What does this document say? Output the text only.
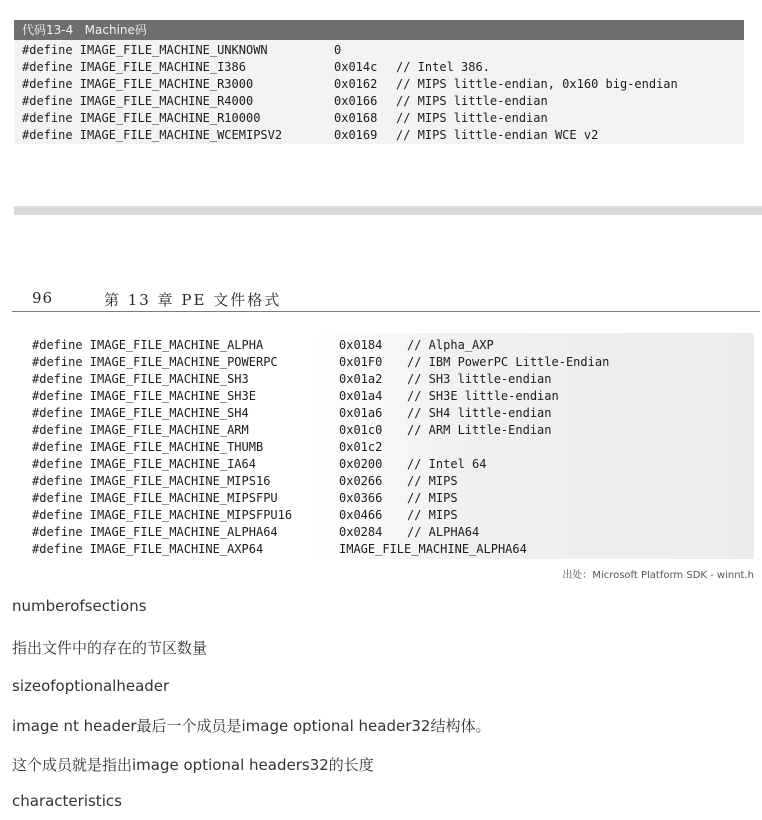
代码13-4   Machine码
#define IMAGE_FILE_MACHINE_UNKNOWN	0
#define IMAGE_FILE_MACHINE_I386	0x014c	// Intel 386.
#define IMAGE_FILE_MACHINE_R3000	0x0162	// MIPS little-endian, 0x160 big-endian
#define IMAGE_FILE_MACHINE_R4000	0x0166	// MIPS little-endian
#define IMAGE_FILE_MACHINE_R10000	0x0168	// MIPS little-endian
#define IMAGE_FILE_MACHINE_WCEMIPSV2	0x0169	// MIPS little-endian WCE v2
96	第 13 章 PE 文件格式
#define IMAGE_FILE_MACHINE_ALPHA	0x0184	// Alpha_AXP
#define IMAGE_FILE_MACHINE_POWERPC	0x01F0	// IBM PowerPC Little-Endian
#define IMAGE_FILE_MACHINE_SH3	0x01a2	// SH3 little-endian
#define IMAGE_FILE_MACHINE_SH3E	0x01a4	// SH3E little-endian
#define IMAGE_FILE_MACHINE_SH4	0x01a6	// SH4 little-endian
#define IMAGE_FILE_MACHINE_ARM	0x01c0	// ARM Little-Endian
#define IMAGE_FILE_MACHINE_THUMB	0x01c2
#define IMAGE_FILE_MACHINE_IA64	0x0200	// Intel 64
#define IMAGE_FILE_MACHINE_MIPS16	0x0266	// MIPS
#define IMAGE_FILE_MACHINE_MIPSFPU	0x0366	// MIPS
#define IMAGE_FILE_MACHINE_MIPSFPU16	0x0466	// MIPS
#define IMAGE_FILE_MACHINE_ALPHA64	0x0284	// ALPHA64
#define IMAGE_FILE_MACHINE_AXP64	IMAGE_FILE_MACHINE_ALPHA64
出处：Microsoft Platform SDK - winnt.h
numberofsections
指出文件中的存在的节区数量
sizeofoptionalheader
image nt header最后一个成员是image optional header32结构体。
这个成员就是指出image optional headers32的长度
characteristics
